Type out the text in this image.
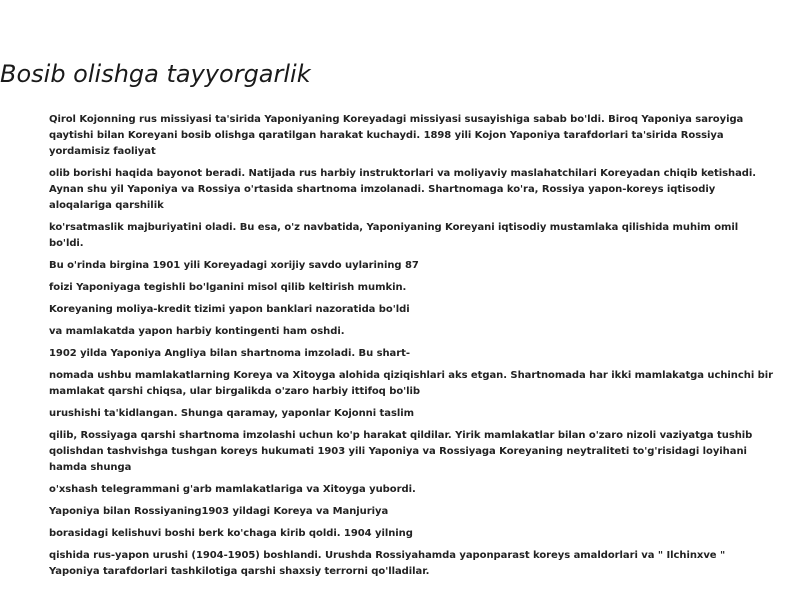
Bosib olishga tayyorgarlik

Qirol Kojonning rus missiyasi ta'sirida Yaponiyaning Koreyadagi missiyasi susayishiga sabab bo'ldi. Biroq Yaponiya saroyiga qaytishi bilan Koreyani bosib olishga qaratilgan harakat kuchaydi. 1898 yili Kojon Yaponiya tarafdorlari ta'sirida Rossiya yordamisiz faoliyat

olib borishi haqida bayonot beradi. Natijada rus harbiy instruktorlari va moliyaviy maslahatchilari Koreyadan chiqib ketishadi. Aynan shu yil Yaponiya va Rossiya o'rtasida shartnoma imzolanadi. Shartnomaga ko'ra, Rossiya yapon-koreys iqtisodiy aloqalariga qarshilik

ko'rsatmaslik majburiyatini oladi. Bu esa, o'z navbatida, Yaponiyaning Koreyani iqtisodiy mustamlaka qilishida muhim omil bo'ldi.

Bu o'rinda birgina 1901 yili Koreyadagi xorijiy savdo uylarining 87

foizi Yaponiyaga tegishli bo'lganini misol qilib keltirish mumkin.

Koreyaning moliya-kredit tizimi yapon banklari nazoratida bo'ldi

va mamlakatda yapon harbiy kontingenti ham oshdi.

1902 yilda Yaponiya Angliya bilan shartnoma imzoladi. Bu shart-

nomada ushbu mamlakatlarning Koreya va Xitoyga alohida qiziqishlari aks etgan. Shartnomada har ikki mamlakatga uchinchi bir mamlakat qarshi chiqsa, ular birgalikda o'zaro harbiy ittifoq bo'lib

urushishi ta'kidlangan. Shunga qaramay, yaponlar Kojonni taslim

qilib, Rossiyaga qarshi shartnoma imzolashi uchun ko'p harakat qildilar. Yirik mamlakatlar bilan o'zaro nizoli vaziyatga tushib qolishdan tashvishga tushgan koreys hukumati 1903 yili Yaponiya va Rossiyaga Koreyaning neytraliteti to'g'risidagi loyihani hamda shunga

o'xshash telegrammani g'arb mamlakatlariga va Xitoyga yubordi.

Yaponiya bilan Rossiyaning1903 yildagi Koreya va Manjuriya

borasidagi kelishuvi boshi berk ko'chaga kirib qoldi. 1904 yilning

qishida rus-yapon urushi (1904-1905) boshlandi. Urushda Rossiyahamda yaponparast koreys amaldorlari va " Ilchinxve " Yaponiya tarafdorlari tashkilotiga qarshi shaxsiy terrorni qo'lladilar.
